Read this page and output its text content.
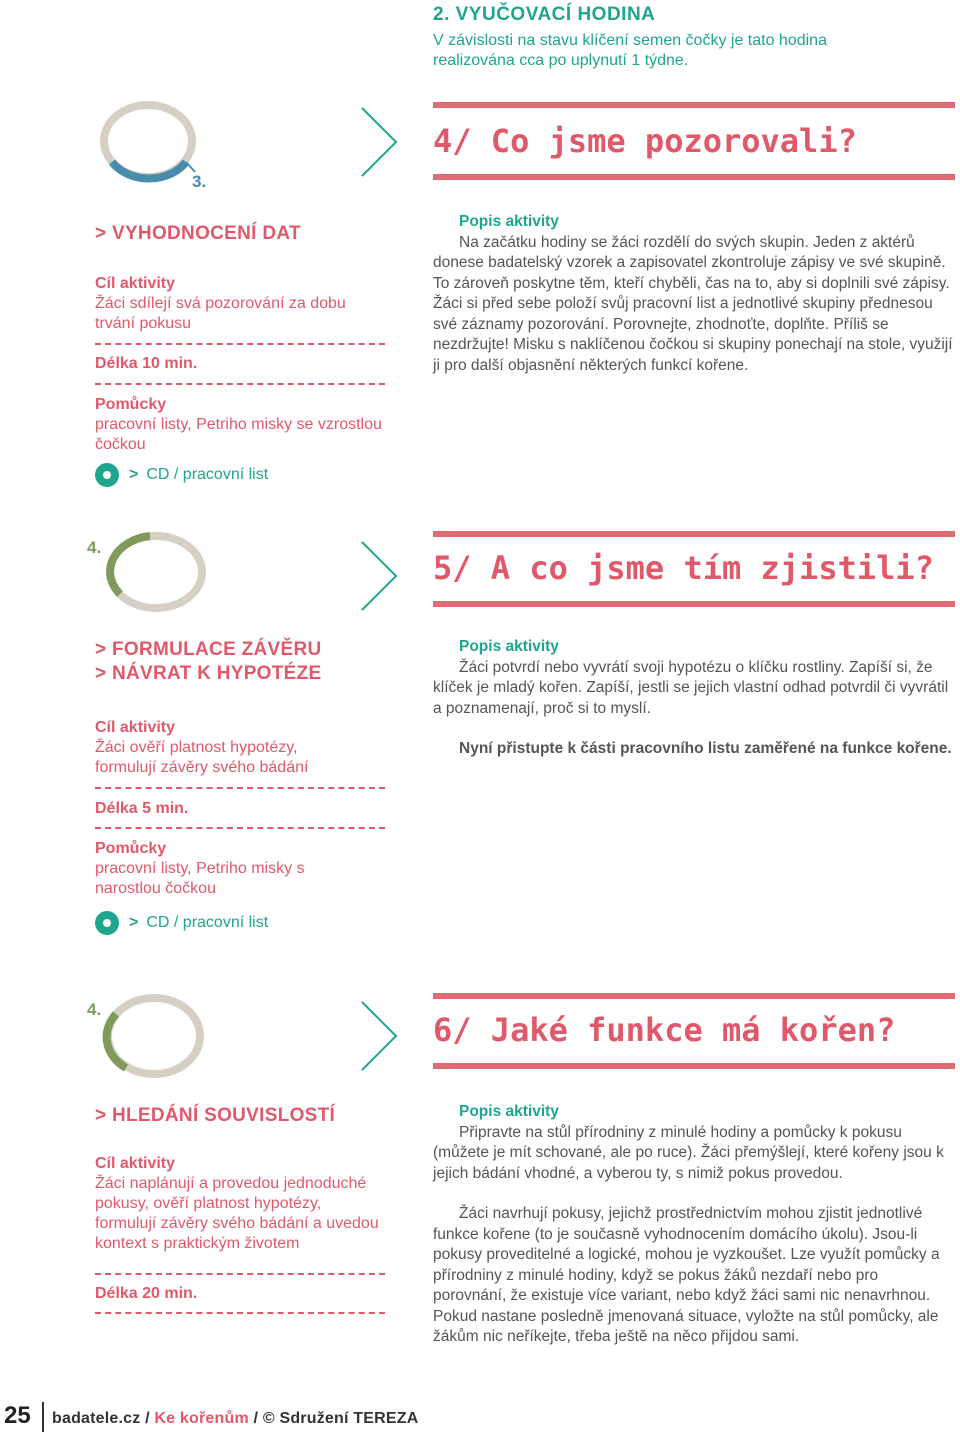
2. VYUČOVACÍ HODINA
V závislosti na stavu klíčení semen čočky je tato hodina realizována cca po uplynutí 1 týdne.
3.
4/ Co jsme pozorovali?
> VYHODNOCENÍ DAT
Cíl aktivity
Žáci sdílejí svá pozorování za dobu trvání pokusu
Délka 10 min.
Pomůcky
pracovní listy, Petriho misky se vzrostlou čočkou
> CD / pracovní list
Popis aktivity
Na začátku hodiny se žáci rozdělí do svých skupin. Jeden z aktérů donese badatelský vzorek a zapisovatel zkontroluje zápisy ve své skupině. To zároveň poskytne těm, kteří chyběli, čas na to, aby si doplnili své zápisy. Žáci si před sebe položí svůj pracovní list a jednotlivé skupiny přednesou své záznamy pozorování. Porovnejte, zhodnoťte, doplňte. Příliš se nezdržujte! Misku s naklíčenou čočkou si skupiny ponechají na stole, využijí ji pro další objasnění některých funkcí kořene.
4.
5/ A co jsme tím zjistili?
> FORMULACE ZÁVĚRU
> NÁVRAT K HYPOTÉZE
Cíl aktivity
Žáci ověří platnost hypotézy, formulují závěry svého bádání
Délka 5 min.
Pomůcky
pracovní listy, Petriho misky s narostlou čočkou
> CD / pracovní list
Popis aktivity
Žáci potvrdí nebo vyvrátí svoji hypotézu o klíčku rostliny. Zapíší si, že klíček je mladý kořen. Zapíší, jestli se jejich vlastní odhad potvrdil či vyvrátil a poznamenají, proč si to myslí.
Nyní přistupte k části pracovního listu zaměřené na funkce kořene.
4.
6/ Jaké funkce má kořen?
> HLEDÁNÍ SOUVISLOSTÍ
Cíl aktivity
Žáci naplánují a provedou jednoduché pokusy, ověří platnost hypotézy, formulují závěry svého bádání a uvedou kontext s praktickým životem
Délka 20 min.
Popis aktivity
Připravte na stůl přírodniny z minulé hodiny a pomůcky k pokusu (můžete je mít schované, ale po ruce). Žáci přemýšlejí, které kořeny jsou k jejich bádání vhodné, a vyberou ty, s nimiž pokus provedou.
Žáci navrhují pokusy, jejichž prostřednictvím mohou zjistit jednotlivé funkce kořene (to je současně vyhodnocením domácího úkolu). Jsou-li pokusy proveditelné a logické, mohou je vyzkoušet. Lze využít pomůcky a přírodniny z minulé hodiny, když se pokus žáků nezdaří nebo pro porovnání, že existuje více variant, nebo když žáci sami nic nenavrhnou. Pokud nastane posledně jmenovaná situace, vyložte na stůl pomůcky, ale žákům nic neříkejte, třeba ještě na něco přijdou sami.
25 badatele.cz / Ke kořenům / © Sdružení TEREZA
